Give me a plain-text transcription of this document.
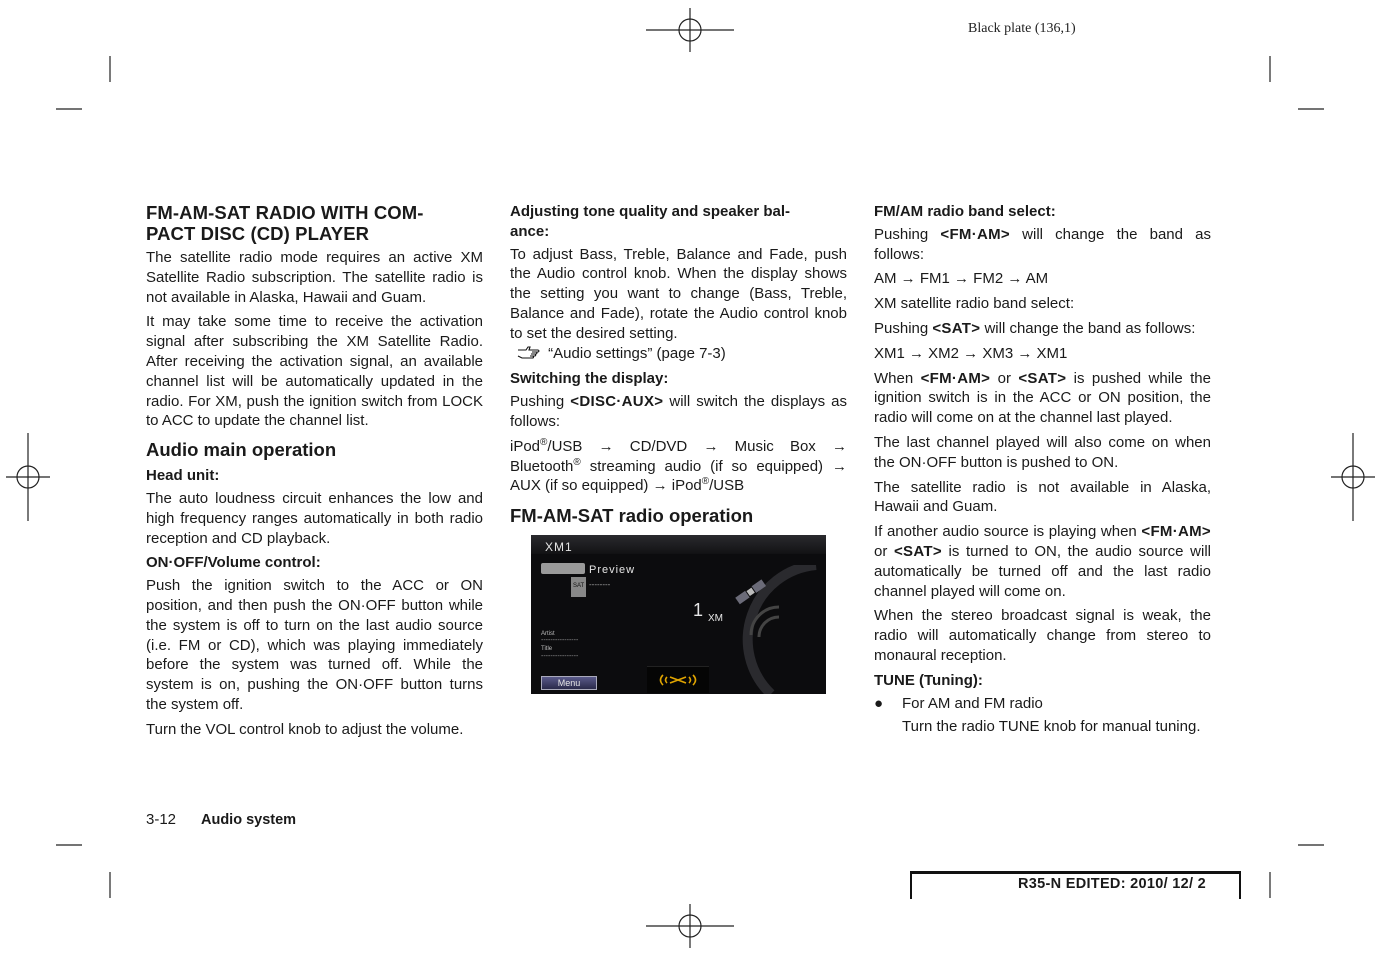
Black plate (136,1)
FM-AM-SAT RADIO WITH COM-
PACT DISC (CD) PLAYER

The satellite radio mode requires an active XM Satellite Radio subscription. The satellite radio is not available in Alaska, Hawaii and Guam.

It may take some time to receive the activation signal after subscribing the XM Satellite Radio. After receiving the activation signal, an available channel list will be automatically updated in the radio. For XM, push the ignition switch from LOCK to ACC to update the channel list.

Audio main operation
Head unit:

The auto loudness circuit enhances the low and high frequency ranges automatically in both radio reception and CD playback.

ON·OFF/Volume control:

Push the ignition switch to the ACC or ON position, and then push the ON·OFF button while the system is off to turn on the last audio source (i.e. FM or CD), which was playing immediately before the system was turned off. While the system is on, pushing the ON·OFF button turns the system off.

Turn the VOL control knob to adjust the volume.

Adjusting tone quality and speaker bal-
ance:

To adjust Bass, Treble, Balance and Fade, push the Audio control knob. When the display shows the setting you want to change (Bass, Treble, Balance and Fade), rotate the Audio control knob to set the desired setting.

“Audio settings” (page 7-3)

Switching the display:

Pushing <DISC·AUX> will switch the displays as follows:

iPod®/USB → CD/DVD → Music Box → Bluetooth® streaming audio (if so equipped) → AUX (if so equipped) → iPod®/USB

FM-AM-SAT radio operation
XM1
Preview
SAT --------
1 XM
Artist
----------------
Title
----------------
Menu
FM/AM radio band select:

Pushing <FM·AM> will change the band as follows:

AM → FM1 → FM2 → AM

XM satellite radio band select:

Pushing <SAT> will change the band as follows:

XM1 → XM2 → XM3 → XM1

When <FM·AM> or <SAT> is pushed while the ignition switch is in the ACC or ON position, the radio will come on at the channel last played.

The last channel played will also come on when the ON·OFF button is pushed to ON.

The satellite radio is not available in Alaska, Hawaii and Guam.

If another audio source is playing when <FM·AM> or <SAT> is turned to ON, the audio source will automatically be turned off and the last radio channel played will come on.

When the stereo broadcast signal is weak, the radio will automatically change from stereo to monaural reception.

TUNE (Tuning):
●	For AM and FM radio
Turn the radio TUNE knob for manual tuning.
3-12 Audio system
R35-N EDITED: 2010/ 12/ 2
